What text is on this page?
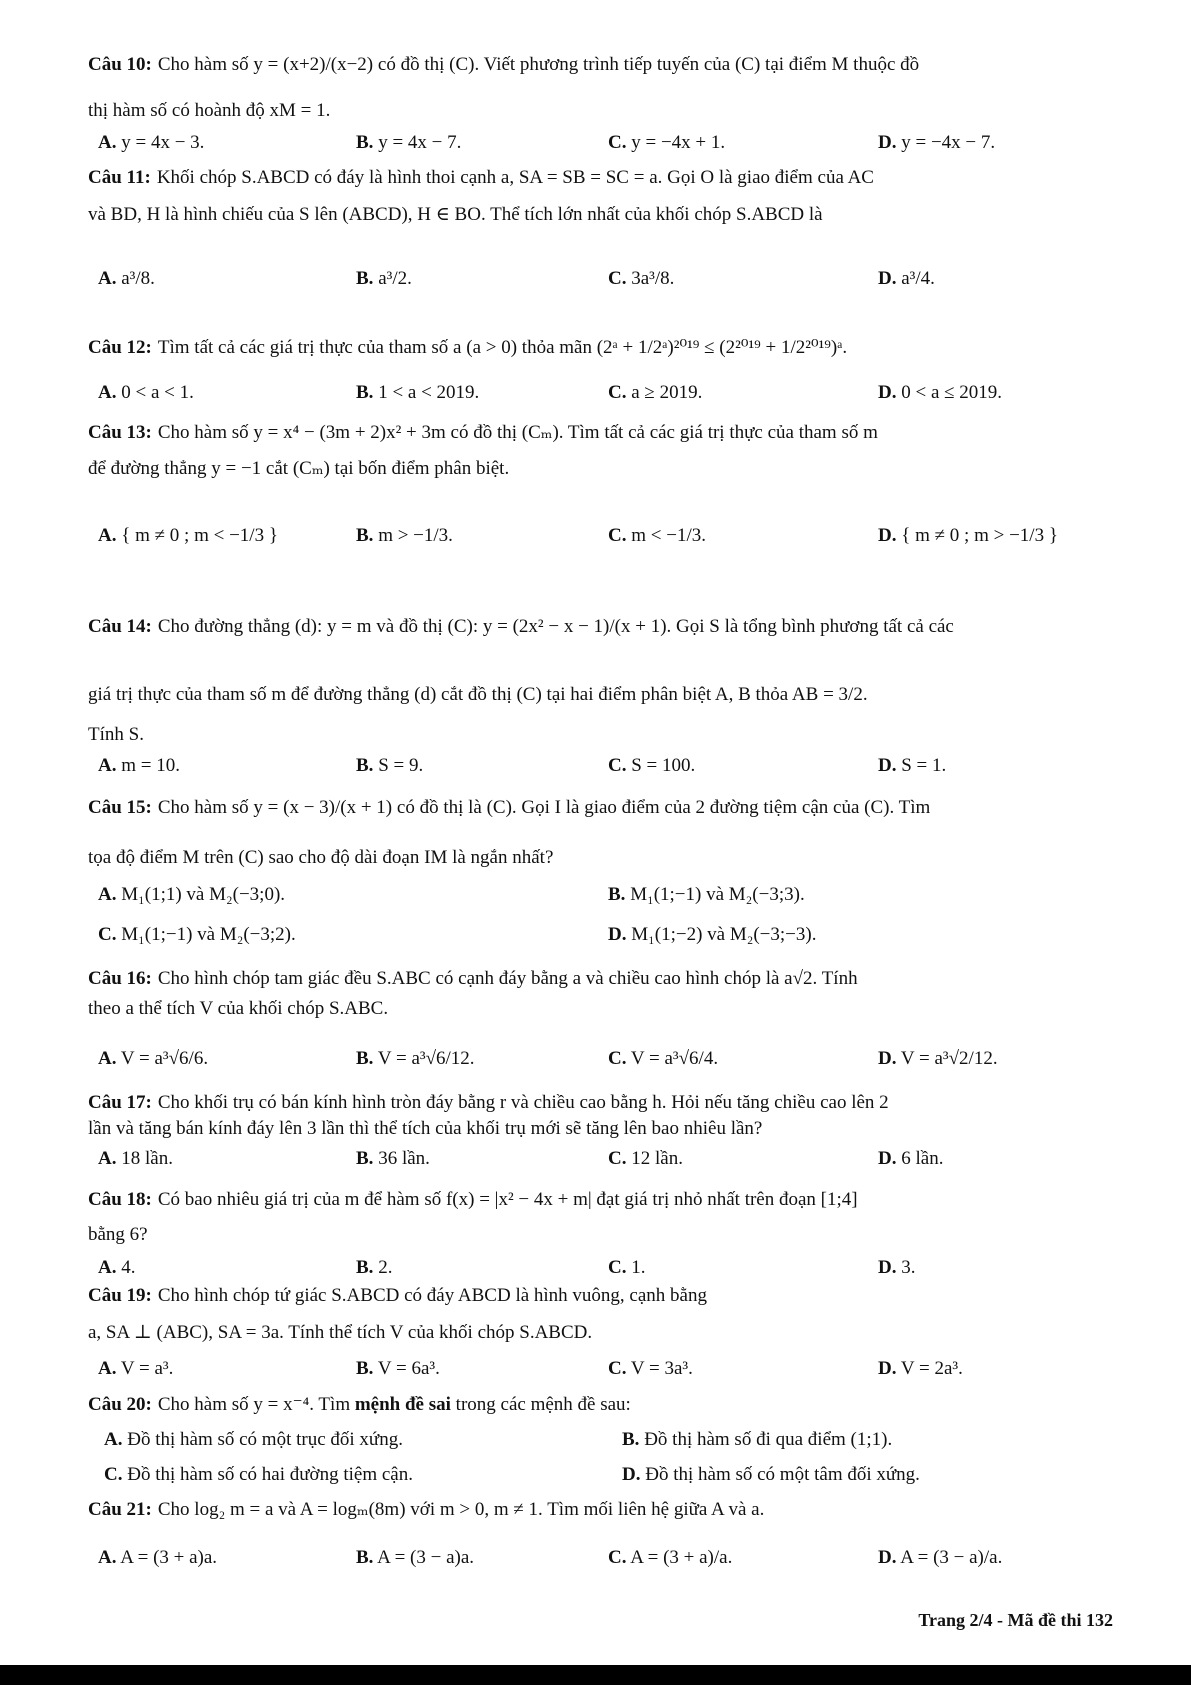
Câu 10: Cho hàm số y = (x+2)/(x−2) có đồ thị (C). Viết phương trình tiếp tuyến của (C) tại điểm M thuộc đồ
thị hàm số có hoành độ xM = 1.
A. y = 4x − 3.	B. y = 4x − 7.	C. y = −4x + 1.	D. y = −4x − 7.
Câu 11: Khối chóp S.ABCD có đáy là hình thoi cạnh a, SA = SB = SC = a. Gọi O là giao điểm của AC
và BD, H là hình chiếu của S lên (ABCD), H ∈ BO. Thể tích lớn nhất của khối chóp S.ABCD là
A. a³/8.	B. a³/2.	C. 3a³/8.	D. a³/4.
Câu 12: Tìm tất cả các giá trị thực của tham số a (a > 0) thỏa mãn (2ᵃ + 1/2ᵃ)²⁰¹⁹ ≤ (2²⁰¹⁹ + 1/2²⁰¹⁹)ᵃ.
A. 0 < a < 1.	B. 1 < a < 2019.	C. a ≥ 2019.	D. 0 < a ≤ 2019.
Câu 13: Cho hàm số y = x⁴ − (3m + 2)x² + 3m có đồ thị (Cₘ). Tìm tất cả các giá trị thực của tham số m
để đường thẳng y = −1 cắt (Cₘ) tại bốn điểm phân biệt.
A. { m ≠ 0 ; m < −1/3 }	B. m > −1/3.	C. m < −1/3.	D. { m ≠ 0 ; m > −1/3 }
Câu 14: Cho đường thẳng (d): y = m và đồ thị (C): y = (2x² − x − 1)/(x + 1). Gọi S là tổng bình phương tất cả các
giá trị thực của tham số m để đường thẳng (d) cắt đồ thị (C) tại hai điểm phân biệt A, B thỏa AB = 3/2.
Tính S.
A. m = 10.	B. S = 9.	C. S = 100.	D. S = 1.
Câu 15: Cho hàm số y = (x − 3)/(x + 1) có đồ thị là (C). Gọi I là giao điểm của 2 đường tiệm cận của (C). Tìm
tọa độ điểm M trên (C) sao cho độ dài đoạn IM là ngắn nhất?
A. M₁(1;1) và M₂(−3;0).	B. M₁(1;−1) và M₂(−3;3).
C. M₁(1;−1) và M₂(−3;2).	D. M₁(1;−2) và M₂(−3;−3).
Câu 16: Cho hình chóp tam giác đều S.ABC có cạnh đáy bằng a và chiều cao hình chóp là a√2. Tính
theo a thể tích V của khối chóp S.ABC.
A. V = a³√6/6.	B. V = a³√6/12.	C. V = a³√6/4.	D. V = a³√2/12.
Câu 17: Cho khối trụ có bán kính hình tròn đáy bằng r và chiều cao bằng h. Hỏi nếu tăng chiều cao lên 2
lần và tăng bán kính đáy lên 3 lần thì thể tích của khối trụ mới sẽ tăng lên bao nhiêu lần?
A. 18 lần.	B. 36 lần.	C. 12 lần.	D. 6 lần.
Câu 18: Có bao nhiêu giá trị của m để hàm số f(x) = |x² − 4x + m| đạt giá trị nhỏ nhất trên đoạn [1;4]
bằng 6?
A. 4.	B. 2.	C. 1.	D. 3.
Câu 19: Cho hình chóp tứ giác S.ABCD có đáy ABCD là hình vuông, cạnh bằng
a, SA ⊥ (ABC), SA = 3a. Tính thể tích V của khối chóp S.ABCD.
A. V = a³.	B. V = 6a³.	C. V = 3a³.	D. V = 2a³.
Câu 20: Cho hàm số y = x⁻⁴. Tìm mệnh đề sai trong các mệnh đề sau:
A. Đồ thị hàm số có một trục đối xứng.	B. Đồ thị hàm số đi qua điểm (1;1).
C. Đồ thị hàm số có hai đường tiệm cận.	D. Đồ thị hàm số có một tâm đối xứng.
Câu 21: Cho log₂ m = a và A = logₘ(8m) với m > 0, m ≠ 1. Tìm mối liên hệ giữa A và a.
A. A = (3 + a)a.	B. A = (3 − a)a.	C. A = (3 + a)/a.	D. A = (3 − a)/a.
Trang 2/4 - Mã đề thi 132
